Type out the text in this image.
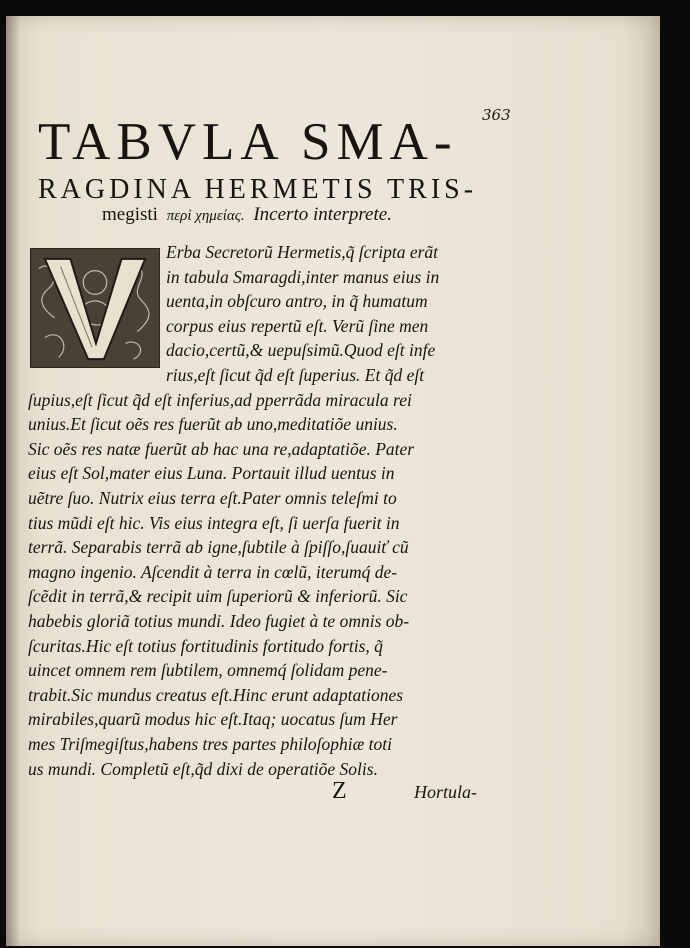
363
TABVLA SMA-
RAGDINA HERMETIS TRIS-
megisti περὶ χημείας. Incerto interprete.

Erba Secretorũ Hermetis,q̃ ſcripta erãt

in tabula Smaragdi,inter manus eius in

uenta,in obſcuro antro, in q̃ humatum

corpus eius repertũ eſt. Verũ ſine men

dacio,certũ,& uериſsimũ.Quod eſt infe

rius,eſt ſicut q̃d eſt ſuperius. Et q̃d eſt

ſupius,eſt ſicut q̃d eſt inferius,ad pperrãda miracula rei

unius.Et ſicut oẽs res fuerũt ab uno,meditatiõe unius.

Sic oẽs res natæ fuerũt ab hac una re,adaptatiõe. Pater

eius eſt Sol,mater eius Luna. Portauit illud uentus in

uẽtre ſuo. Nutrix eius terra eſt.Pater omnis teleſmi to

tius mũdi eſt hic. Vis eius integra eſt, ſi uerſa fuerit in

terrã. Separabis terrã ab igne,ſubtile à ſpiſſo,ſuauiť cũ

magno ingenio. Aſcendit à terra in cœlũ, iterumq́ de-

ſcẽdit in terrã,& recipit uim ſuperiorũ & inferiorũ. Sic

habebis gloriã totius mundi. Ideo fugiet à te omnis ob-

ſcuritas.Hic eſt totius fortitudinis fortitudo fortis, q̃

uincet omnem rem ſubtilem, omnemq́ ſolidam pene-

trabit.Sic mundus creatus eſt.Hinc erunt adaptationes

mirabiles,quarũ modus hic eſt.Itaq; uocatus ſum Her

mes Triſmegiſtus,habens tres partes philoſophiæ toti

us mundi. Completũ eſt,q̃d dixi de operatiõe Solis.

Z	Hortula-
